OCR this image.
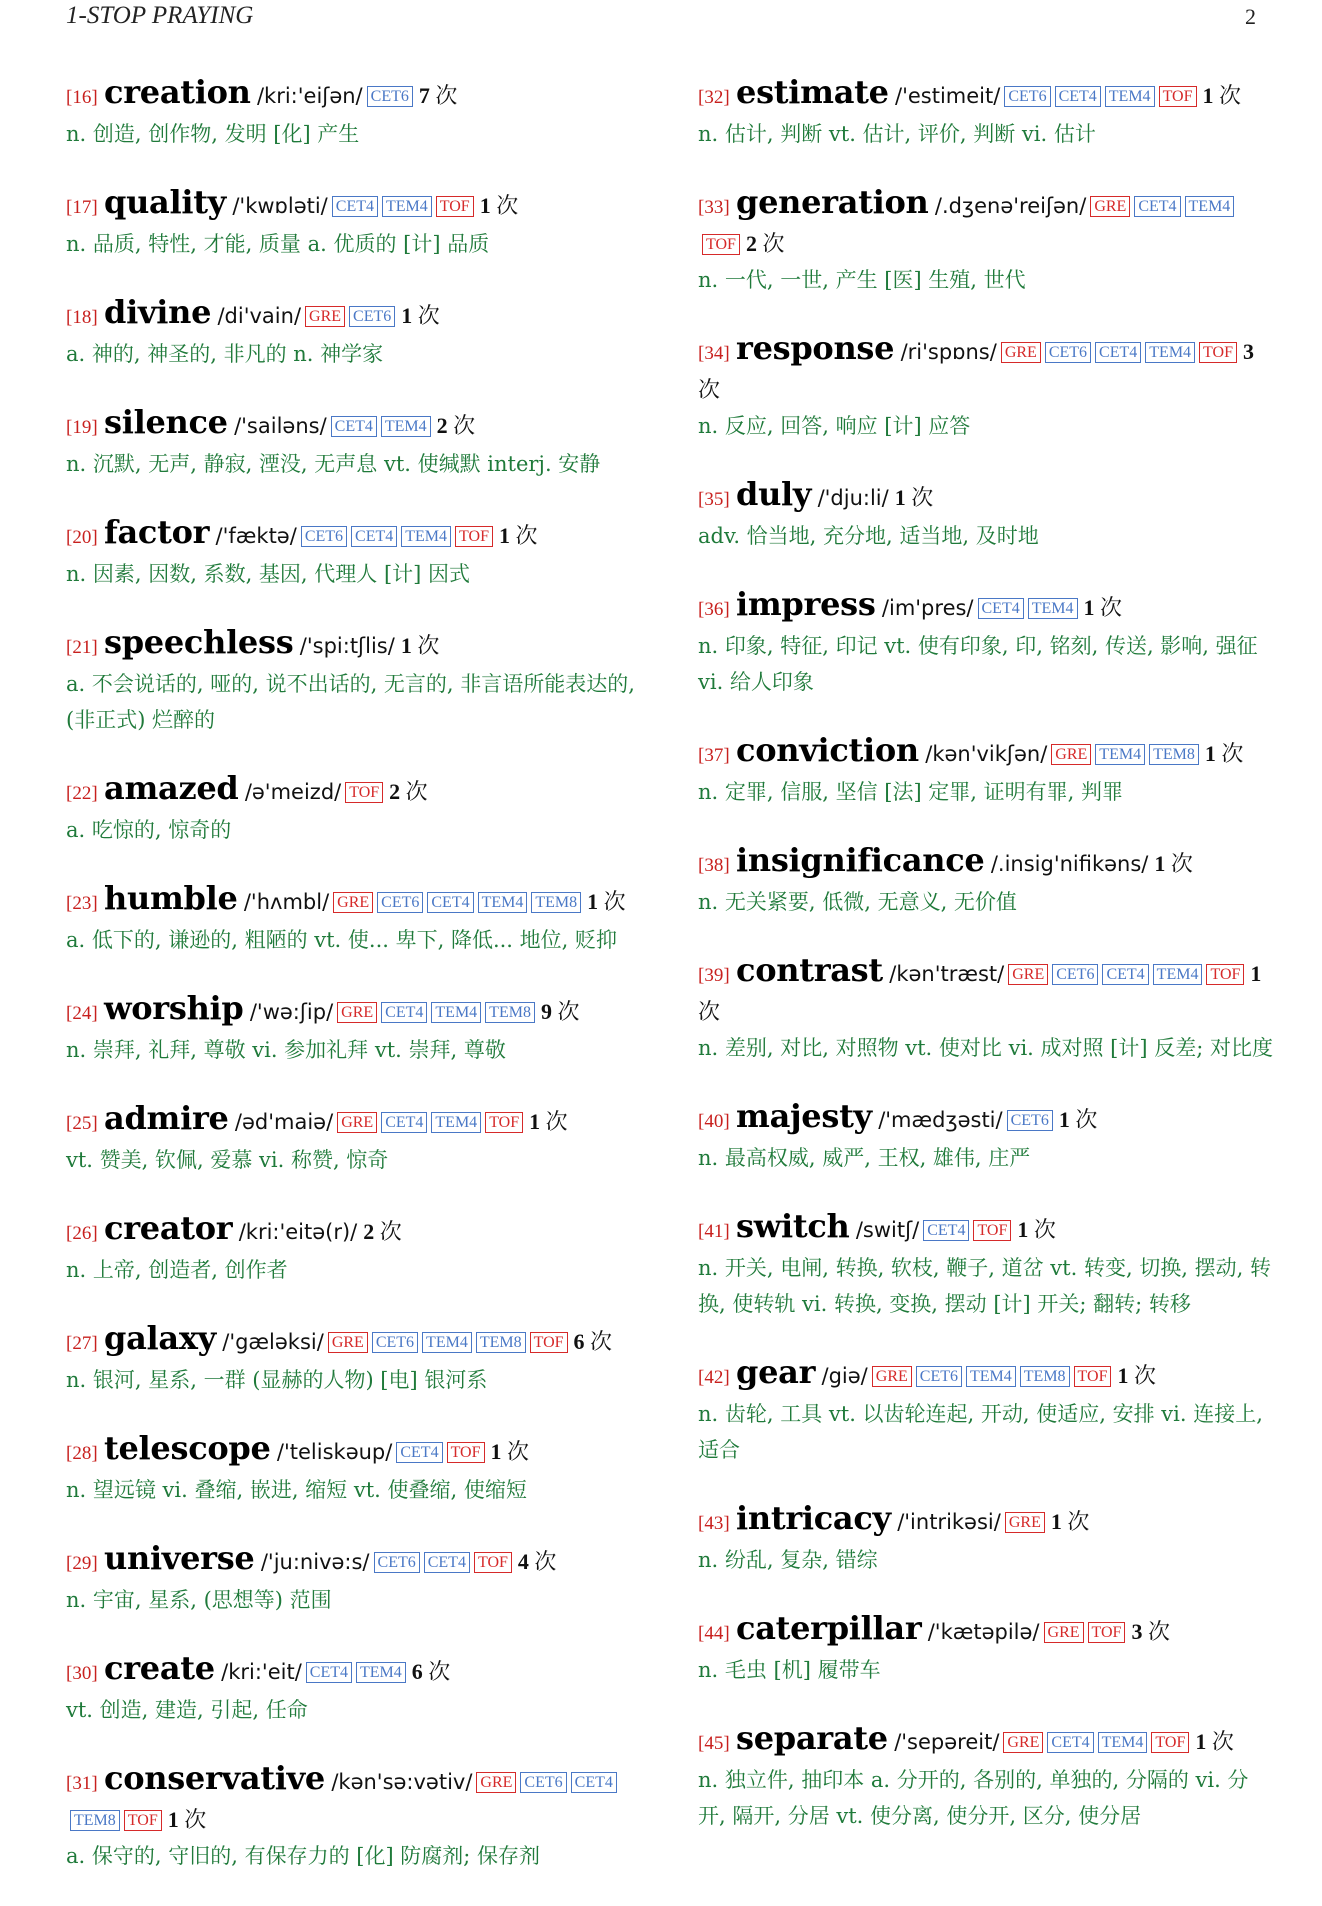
1-STOP PRAYING	2
[16] creation /kri:'eiʃən/ CET6 7 次
n. 创造, 创作物, 发明 [化] 产生
[17] quality /'kwɒləti/ CET4 TEM4 TOF 1 次
n. 品质, 特性, 才能, 质量 a. 优质的 [计] 品质
[18] divine /di'vain/ GRE CET6 1 次
a. 神的, 神圣的, 非凡的 n. 神学家
[19] silence /'sailəns/ CET4 TEM4 2 次
n. 沉默, 无声, 静寂, 湮没, 无声息 vt. 使缄默 interj. 安静
[20] factor /'fæktə/ CET6 CET4 TEM4 TOF 1 次
n. 因素, 因数, 系数, 基因, 代理人 [计] 因式
[21] speechless /'spi:tʃlis/ 1 次
a. 不会说话的, 哑的, 说不出话的, 无言的, 非言语所能表达的, (非正式) 烂醉的
[22] amazed /ə'meizd/ TOF 2 次
a. 吃惊的, 惊奇的
[23] humble /'hʌmbl/ GRE CET6 CET4 TEM4 TEM8 1 次
a. 低下的, 谦逊的, 粗陋的 vt. 使... 卑下, 降低... 地位, 贬抑
[24] worship /'wə:ʃip/ GRE CET4 TEM4 TEM8 9 次
n. 崇拜, 礼拜, 尊敬 vi. 参加礼拜 vt. 崇拜, 尊敬
[25] admire /əd'maiə/ GRE CET4 TEM4 TOF 1 次
vt. 赞美, 钦佩, 爱慕 vi. 称赞, 惊奇
[26] creator /kri:'eitə(r)/ 2 次
n. 上帝, 创造者, 创作者
[27] galaxy /'gæləksi/ GRE CET6 TEM4 TEM8 TOF 6 次
n. 银河, 星系, 一群 (显赫的人物) [电] 银河系
[28] telescope /'teliskəup/ CET4 TOF 1 次
n. 望远镜 vi. 叠缩, 嵌进, 缩短 vt. 使叠缩, 使缩短
[29] universe /'ju:nivə:s/ CET6 CET4 TOF 4 次
n. 宇宙, 星系, (思想等) 范围
[30] create /kri:'eit/ CET4 TEM4 6 次
vt. 创造, 建造, 引起, 任命
[31] conservative /kən'sə:vətiv/ GRE CET6 CET4TEM8 TOF 1 次
a. 保守的, 守旧的, 有保存力的 [化] 防腐剂; 保存剂
[32] estimate /'estimeit/ CET6 CET4 TEM4 TOF 1 次
n. 估计, 判断 vt. 估计, 评价, 判断 vi. 估计
[33] generation /.dʒenə'reiʃən/ GRE CET4 TEM4TOF 2 次
n. 一代, 一世, 产生 [医] 生殖, 世代
[34] response /ri'spɒns/ GRE CET6 CET4 TEM4 TOF 3 次
n. 反应, 回答, 响应 [计] 应答
[35] duly /'dju:li/ 1 次
adv. 恰当地, 充分地, 适当地, 及时地
[36] impress /im'pres/ CET4 TEM4 1 次
n. 印象, 特征, 印记 vt. 使有印象, 印, 铭刻, 传送, 影响, 强征 vi. 给人印象
[37] conviction /kən'vikʃən/ GRE TEM4 TEM8 1 次
n. 定罪, 信服, 坚信 [法] 定罪, 证明有罪, 判罪
[38] insignificance /.insig'nifikəns/ 1 次
n. 无关紧要, 低微, 无意义, 无价值
[39] contrast /kən'træst/ GRE CET6 CET4 TEM4 TOF 1 次
n. 差别, 对比, 对照物 vt. 使对比 vi. 成对照 [计] 反差; 对比度
[40] majesty /'mædʒəsti/ CET6 1 次
n. 最高权威, 威严, 王权, 雄伟, 庄严
[41] switch /switʃ/ CET4 TOF 1 次
n. 开关, 电闸, 转换, 软枝, 鞭子, 道岔 vt. 转变, 切换, 摆动, 转换, 使转轨 vi. 转换, 变换, 摆动 [计] 开关; 翻转; 转移
[42] gear /giə/ GRE CET6 TEM4 TEM8 TOF 1 次
n. 齿轮, 工具 vt. 以齿轮连起, 开动, 使适应, 安排 vi. 连接上, 适合
[43] intricacy /'intrikəsi/ GRE 1 次
n. 纷乱, 复杂, 错综
[44] caterpillar /'kætəpilə/ GRE TOF 3 次
n. 毛虫 [机] 履带车
[45] separate /'sepəreit/ GRE CET4 TEM4 TOF 1 次
n. 独立件, 抽印本 a. 分开的, 各别的, 单独的, 分隔的 vi. 分开, 隔开, 分居 vt. 使分离, 使分开, 区分, 使分居
